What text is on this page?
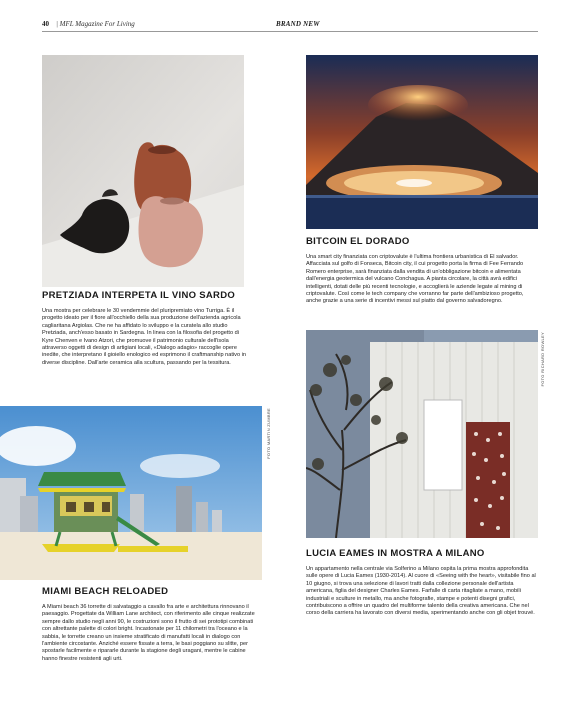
40 | MFL Magazine For Living	BRAND NEW
PRETZIADA INTERPETA IL VINO SARDO
Una mostra per celebrare le 30 vendemmie del pluripremiato vino Turriga. È il progetto ideato per il fiore all'occhiello della sua produzione dell'azienda agricola cagliaritana Argiolas. Che ne ha affidato lo sviluppo e la curatela allo studio Pretziada, anch'esso basato in Sardegna. In linea con la filosofia del progetto di Kyre Chenven e Ivano Atzori, che promuove il patrimonio culturale dell'isola attraverso oggetti di design di artigiani locali, «Dialogo adagio» raccoglie opere inedite, che interpretano il gioiello enologico ed esprimono il craftmanship nativo in diverse discipline. Dall'arte ceramica alla scultura, passando per la tessitura.
BITCOIN EL DORADO
Una smart city finanziata con criptovalute è l'ultima frontiera urbanistica di El salvador. Affacciata sul golfo di Fonseca, Bitcoin city, il cui progetto porta la firma di Fee Ferrando Romero enterprise, sarà finanziata dalla vendita di un'obbligazione bitcoin e alimentata dall'energia geotermica del vulcano Conchagua. A pianta circolare, la città avrà edifici intelligenti, dotati delle più recenti tecnologie, e accoglierà le aziende legate al mining di criptovalute. Così come le tech company che vorranno far parte dell'ambizioso progetto, anche grazie a una serie di incentivi messi sul piatto dal governo salvadoregno.
FOTO MARTIN ZUMBRE
MIAMI BEACH RELOADED
A Miami beach 36 torrette di salvataggio a cavallo fra arte e architettura rinnovano il paesaggio. Progettate da William Lane architect, con riferimento alle cinque realizzate sempre dallo studio negli anni 90, le costruzioni sono il frutto di sei prototipi combinati con altrettante palette di colori bright. Incastonate per 11 chilometri tra l'oceano e la sabbia, le torrette creano un insieme stratificato di manufatti locali in dialogo con l'ambiente circostante. Anziché essere fissate a terra, le basi poggiano su slitte, per spostarle facilmente e ripararle durante la stagione degli uragani, mentre le cabine hanno finestre resistenti agli urti.
FOTO RICHARD ROWLEY
LUCIA EAMES IN MOSTRA A MILANO
Un appartamento nella centrale via Solferino a Milano ospita la prima mostra approfondita sulle opere di Lucia Eames (1930-2014). Al cuore di «Seeing with the heart», visitabile fino al 10 giugno, si trova una selezione di lavori tratti dalla collezione personale dell'artista americana, figlia del designer Charles Eames. Farfalle di carta ritagliate a mano, mobili industriali e sculture in metallo, ma anche fotografie, stampe e potenti disegni grafici, contribuiscono a offrire un quadro del multiforme talento della creativa americana. Che nel corso della carriera ha lavorato con diversi media, sperimentando anche con gli objet trouvé.
